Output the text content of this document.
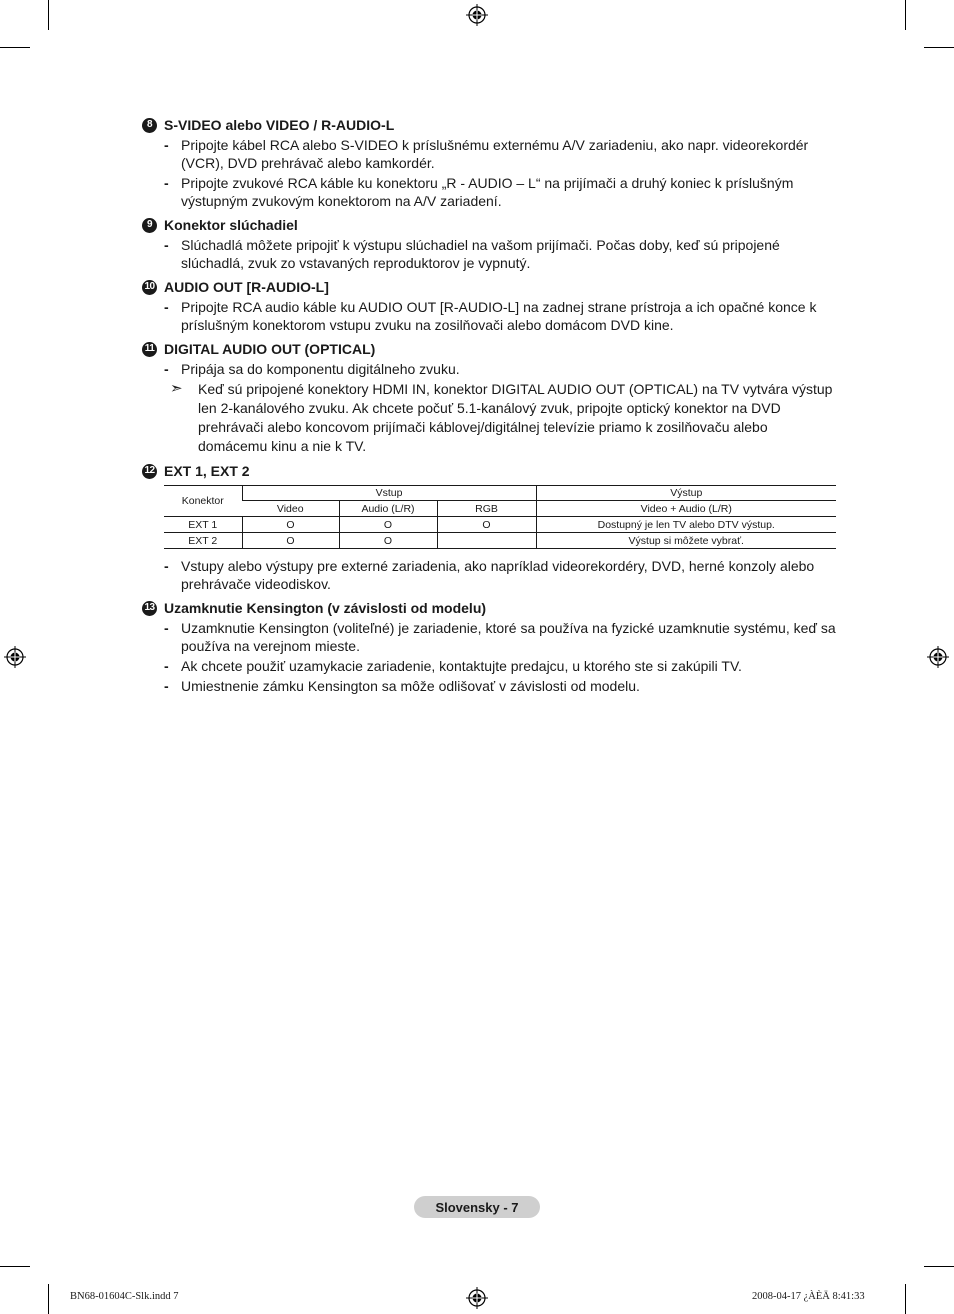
8 S-VIDEO alebo VIDEO / R-AUDIO-L
- Pripojte kábel RCA alebo S-VIDEO k príslušnému externému A/V zariadeniu, ako napr. videorekordér (VCR), DVD prehrávač alebo kamkordér.
- Pripojte zvukové RCA káble ku konektoru „R - AUDIO – L“ na prijímači a druhý koniec k príslušným výstupným zvukovým konektorom na A/V zariadení.
9 Konektor slúchadiel
- Slúchadlá môžete pripojiť k výstupu slúchadiel na vašom prijímači. Počas doby, keď sú pripojené slúchadlá, zvuk zo vstavaných reproduktorov je vypnutý.
10 AUDIO OUT [R-AUDIO-L]
- Pripojte RCA audio káble ku AUDIO OUT [R-AUDIO-L] na zadnej strane prístroja a ich opačné konce k príslušným konektorom vstupu zvuku na zosilňovači alebo domácom DVD kine.
11 DIGITAL AUDIO OUT (OPTICAL)
- Pripája sa do komponentu digitálneho zvuku.
➣ Keď sú pripojené konektory HDMI IN, konektor DIGITAL AUDIO OUT (OPTICAL) na TV vytvára výstup len 2-kanálového zvuku. Ak chcete počuť 5.1-kanálový zvuk, pripojte optický konektor na DVD prehrávači alebo koncovom prijímači káblovej/digitálnej televízie priamo k zosilňovaču alebo domácemu kinu a nie k TV.
12 EXT 1, EXT 2
Konektor	Vstup			Výstup
	Video	Audio (L/R)	RGB	Video + Audio (L/R)
EXT 1	O	O	O	Dostupný je len TV alebo DTV výstup.
EXT 2	O	O		Výstup si môžete vybrať.
- Vstupy alebo výstupy pre externé zariadenia, ako napríklad videorekordéry, DVD, herné konzoly alebo prehrávače videodiskov.
13 Uzamknutie Kensington (v závislosti od modelu)
- Uzamknutie Kensington (voliteľné) je zariadenie, ktoré sa používa na fyzické uzamknutie systému, keď sa používa na verejnom mieste.
- Ak chcete použiť uzamykacie zariadenie, kontaktujte predajcu, u ktorého ste si zakúpili TV.
- Umiestnenie zámku Kensington sa môže odlišovať v závislosti od modelu.
Slovensky - 7
BN68-01604C-Slk.indd 7	2008-04-17 ¿ÀÈÄ 8:41:33
